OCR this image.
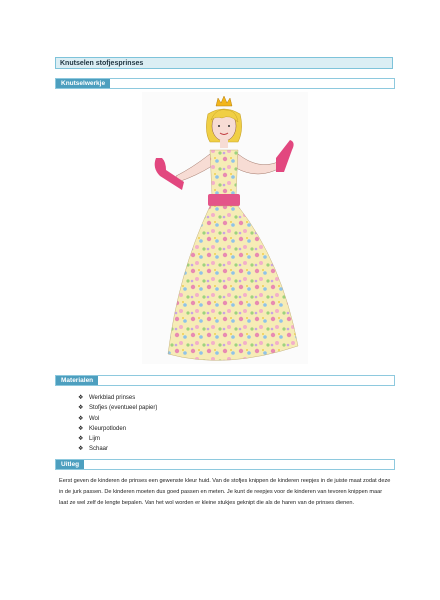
Knutselen stofjesprinses
Knutselwerkje
Materialen
❖ Werkblad prinses
❖ Stofjes (eventueel papier)
❖ Wol
❖ Kleurpotloden
❖ Lijm
❖ Schaar
Uitleg

Eerst geven de kinderen de prinses een gewenste kleur huid. Van de stofjes knippen de kinderen reepjes in de juiste maat zodat deze in de jurk passen. De kinderen moeten dus goed passen en meten. Je kunt de reepjes voor de kinderen van tevoren knippen maar laat ze wel zelf de lengte bepalen. Van het wol worden er kleine stukjes geknipt die als de haren van de prinses dienen.
